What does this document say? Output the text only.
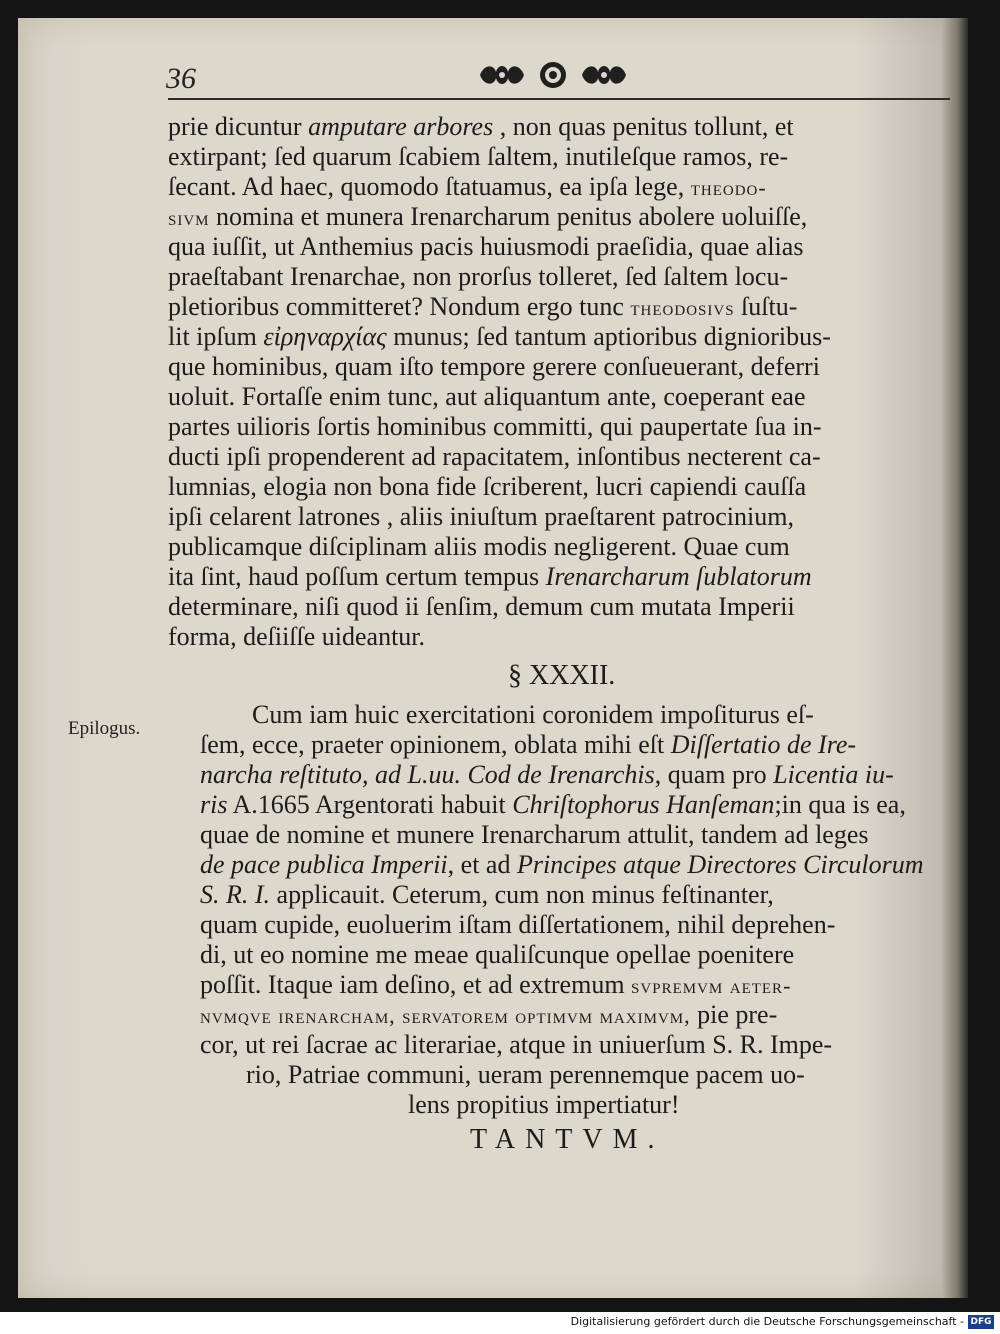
36
prie dicuntur amputare arbores , non quas penitus tollunt, et
extirpant; ſed quarum ſcabiem ſaltem, inutileſque ramos, re-
ſecant. Ad haec, quomodo ſtatuamus, ea ipſa lege, theodo-
sivm nomina et munera Irenarcharum penitus abolere uoluiſſe,
qua iuſſit, ut Anthemius pacis huiusmodi praeſidia, quae alias
praeſtabant Irenarchae, non prorſus tolleret, ſed ſaltem locu-
pletioribus committeret? Nondum ergo tunc theodosivs ſuſtu-
lit ipſum εἰρηναρχίας munus; ſed tantum aptioribus dignioribus-
que hominibus, quam iſto tempore gerere conſueuerant, deferri
uoluit. Fortaſſe enim tunc, aut aliquantum ante, coeperant eae
partes uilioris ſortis hominibus committi, qui paupertate ſua in-
ducti ipſi propenderent ad rapacitatem, inſontibus necterent ca-
lumnias, elogia non bona fide ſcriberent, lucri capiendi cauſſa
ipſi celarent latrones , aliis iniuſtum praeſtarent patrocinium,
publicamque diſciplinam aliis modis negligerent. Quae cum
ita ſint, haud poſſum certum tempus Irenarcharum ſublatorum
determinare, niſi quod ii ſenſim, demum cum mutata Imperii
forma, deſiiſſe uideantur.
§ XXXII.
Epilogus.	Cum iam huic exercitationi coronidem impoſiturus eſ-
ſem, ecce, praeter opinionem, oblata mihi eſt Diſſertatio de Ire-
narcha reſtituto, ad L.uu. Cod de Irenarchis, quam pro Licentia iu-
ris A.1665 Argentorati habuit Chriſtophorus Hanſeman;in qua is ea,
quae de nomine et munere Irenarcharum attulit, tandem ad leges
de pace publica Imperii, et ad Principes atque Directores Circulorum
S. R. I. applicauit. Ceterum, cum non minus feſtinanter,
quam cupide, euoluerim iſtam diſſertationem, nihil deprehen-
di, ut eo nomine me meae qualiſcunque opellae poenitere
poſſit. Itaque iam deſino, et ad extremum svpremvm aeter-
nvmqve irenarcham, servatorem optimvm maximvm, pie pre-
cor, ut rei ſacrae ac literariae, atque in uniuerſum S. R. Impe-
rio, Patriae communi, ueram perennemque pacem uo-
lens propitius impertiatur!
TANTVM.
Digitalisierung gefördert durch die Deutsche Forschungsgemeinschaft - DFG
